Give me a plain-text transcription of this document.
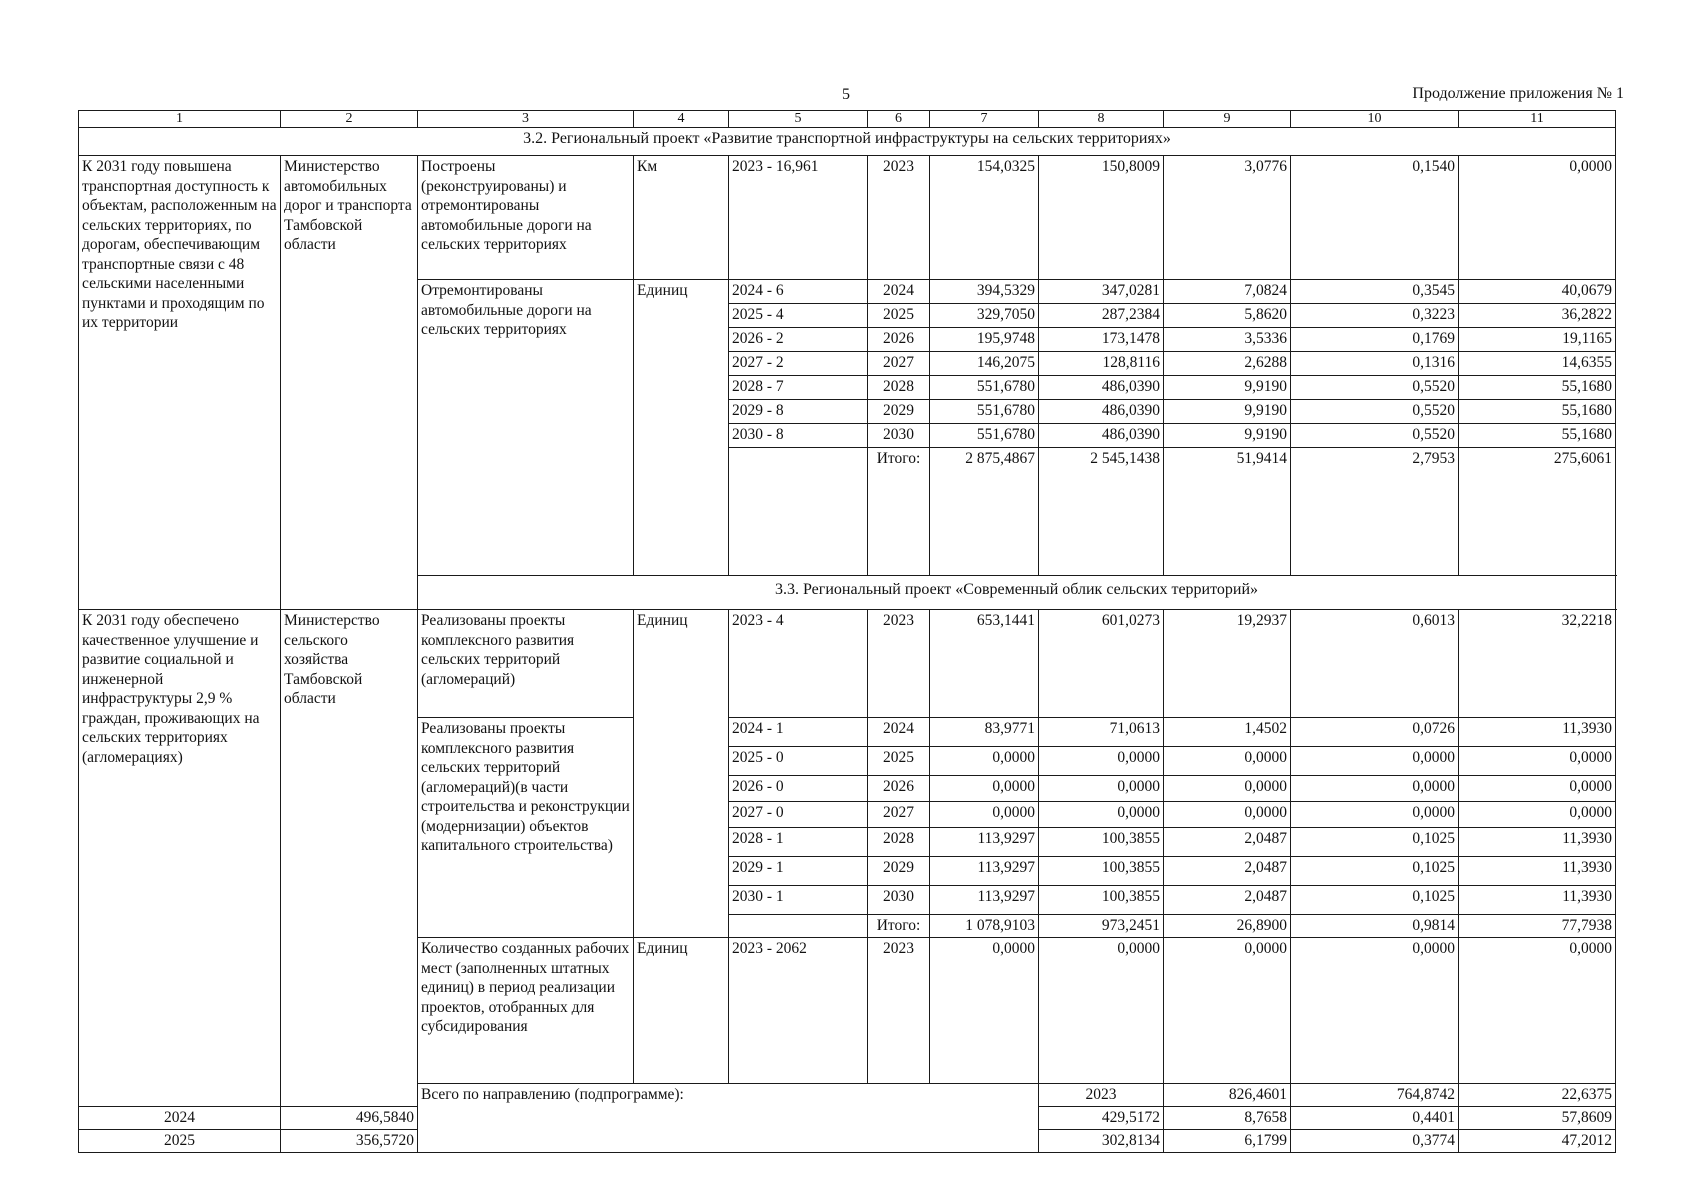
5	Продолжение приложения № 1
1	2	3	4	5	6	7	8	9	10	11	
3.2. Региональный проект «Развитие транспортной инфраструктуры на сельских территориях»											
К 2031 году повышена транспортная доступность к объектам, расположенным на сельских территориях, по дорогам, обеспечивающим транспортные связи с 48 сельскими населенными пунктами и проходящим по их территории	Министерство автомобильных дорог и транспорта Тамбовской области	Построены (реконструированы) и отремонтированы автомобильные дороги на сельских территориях	Км	2023 - 16,961	2023	154,0325	150,8009	3,0776	0,1540	0,0000	
		Отремонтированы автомобильные дороги на сельских территориях	Единиц	2024 - 6	2024	394,5329	347,0281	7,0824	0,3545	40,0679	
				2025 - 4	2025	329,7050	287,2384	5,8620	0,3223	36,2822	
				2026 - 2	2026	195,9748	173,1478	3,5336	0,1769	19,1165	
				2027 - 2	2027	146,2075	128,8116	2,6288	0,1316	14,6355	
				2028 - 7	2028	551,6780	486,0390	9,9190	0,5520	55,1680	
				2029 - 8	2029	551,6780	486,0390	9,9190	0,5520	55,1680	
				2030 - 8	2030	551,6780	486,0390	9,9190	0,5520	55,1680	
					Итого:	2 875,4867	2 545,1438	51,9414	2,7953	275,6061	
		3.3. Региональный проект «Современный облик сельских территорий»									
К 2031 году обеспечено качественное улучшение и развитие социальной и инженерной инфраструктуры 2,9 % граждан, проживающих на сельских территориях (агломерациях)	Министерство сельского хозяйства Тамбовской области	Реализованы проекты комплексного развития сельских территорий (агломераций)	Единиц	2023 - 4	2023	653,1441	601,0273	19,2937	0,6013	32,2218	
		Реализованы проекты комплексного развития сельских территорий (агломераций)(в части строительства и реконструкции (модернизации) объектов капитального строительства)		2024 - 1	2024	83,9771	71,0613	1,4502	0,0726	11,3930	
				2025 - 0	2025	0,0000	0,0000	0,0000	0,0000	0,0000	
				2026 - 0	2026	0,0000	0,0000	0,0000	0,0000	0,0000	
				2027 - 0	2027	0,0000	0,0000	0,0000	0,0000	0,0000	
				2028 - 1	2028	113,9297	100,3855	2,0487	0,1025	11,3930	
				2029 - 1	2029	113,9297	100,3855	2,0487	0,1025	11,3930	
				2030 - 1	2030	113,9297	100,3855	2,0487	0,1025	11,3930	
					Итого:	1 078,9103	973,2451	26,8900	0,9814	77,7938	
		Количество созданных рабочих мест (заполненных штатных единиц) в период реализации проектов, отобранных для субсидирования	Единиц	2023 - 2062	2023	0,0000	0,0000	0,0000	0,0000	0,0000	
		Всего по направлению (подпрограмме):					2023	826,4601	764,8742	22,6375		
2024	496,5840						429,5172	8,7658	0,4401	57,8609	
2025	356,5720						302,8134	6,1799	0,3774	47,2012	
